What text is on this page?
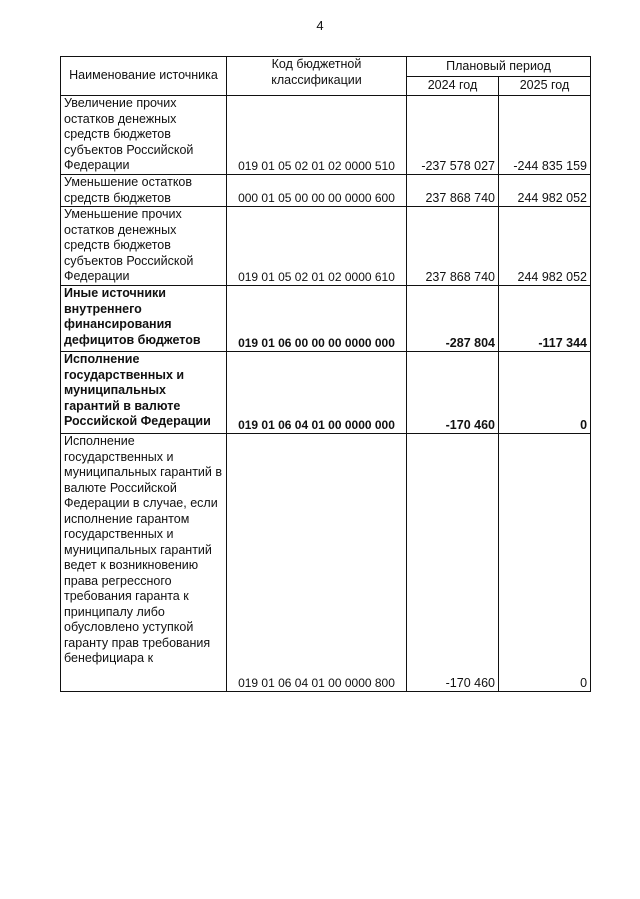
4
Наименование источника	Код бюджетной классификации	Плановый период	
		2024 год	2025 год
Увеличение прочих остатков денежных средств бюджетов субъектов Российской Федерации	019 01 05 02 01 02 0000 510	-237 578 027	-244 835 159
Уменьшение остатков средств бюджетов	000 01 05 00 00 00 0000 600	237 868 740	244 982 052
Уменьшение прочих остатков денежных средств бюджетов субъектов Российской Федерации	019 01 05 02 01 02 0000 610	237 868 740	244 982 052
Иные источники внутреннего финансирования дефицитов бюджетов	019 01 06 00 00 00 0000 000	-287 804	-117 344
Исполнение государственных и муниципальных гарантий в валюте Российской Федерации	019 01 06 04 01 00 0000 000	-170 460	0
Исполнение государственных и муниципальных гарантий в валюте Российской Федерации в случае, если исполнение гарантом государственных и муниципальных гарантий ведет к возникновению права регрессного требования гаранта к принципалу либо обусловлено уступкой гаранту прав требования бенефициара к	019 01 06 04 01 00 0000 800	-170 460	0
